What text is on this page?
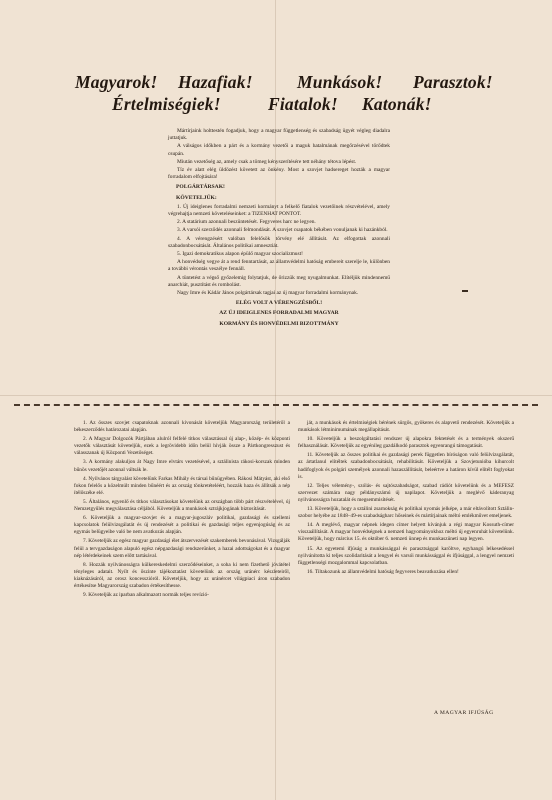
Magyarok! Hazafiak!	Munkások! Parasztok!
Értelmiségiek!	Fiatalok! Katonák!

Mártírjaink holttestén fogadjuk, hogy a magyar függetlenség és szabadság ügyét végleg diadalra juttatjuk.

A válságos időkben a párt és a kormány vezetői a maguk hatalmának megőrzésével törődtek csupán.

Miután vezetőség az, amely csak a tömeg kényszerítésére tett néhány tétova lépést.

Tíz év alatt elég üldözést követett az önkény. Most a szovjet hadsereget hozták a magyar forradalom elfojtására!

POLGÁRTÁRSAK!

KÖVETELJÜK:

1. Új ideiglenes forradalmi nemzeti kormányt a felkelő fiatalok vezetőinek részvételével, amely végrehajtja nemzeti követeléseinket: a TIZENHAT PONTOT.

2. A statárium azonnali beszüntetését. Fegyveres harc ne legyen.

3. A varsói szerződés azonnali felmondását. A szovjet csapatok békében vonuljanak ki hazánkból.

4. A vérengzésért valóban felelősök törvény elé állítását. Az elfogottak azonnali szabadonbocsátását. Általános politikai amnesztiát.

5. Igazi demokratikus alapon épülő magyar szocializmust!

A honvédség vegye át a rend fenntartását, az államvédelmi hatóság embereit szerelje le, különben a további vérontás veszélye fennáll.

A tüntetést a végső győzelemig folytatjuk, de őrizzük meg nyugalmunkat. Elítéljük mindennemű anarchiát, pusztítást és rombolást.

Nagy Imre és Kádár János polgártársak tagjai az új magyar forradalmi kormánynak.

ELÉG VOLT A VÉRENGZÉSBŐL!

AZ ÚJ IDEIGLENES FORRADALMI MAGYAR

KORMÁNY ÉS HONVÉDELMI BIZOTTMÁNY

1. Az összes szovjet csapatoknak azonnali kivonását követeljük Magyarország területéről a békeszerződés határozatai alapján.

2. A Magyar Dolgozók Pártjában alulról felfelé titkos választással új alap-, közép- és központi vezetők választását követeljük, ezek a legrövidebb időn belül hívják össze a Pártkongresszust és válasszanak új Központi Vezetőséget.

3. A kormány alakuljon át Nagy Imre elvtárs vezetésével, a sztálinista rákosi-korszak minden bűnös vezetőjét azonnal váltsák le.

4. Nyilvános tárgyalást követelünk Farkas Mihály és társai bűnügyében. Rákosi Mátyást, aki első fokon felelős a közelmúlt minden bűnéért és az ország tönkretételéért, hozzák haza és állítsák a nép ítélőszéke elé.

5. Általános, egyenlő és titkos választásokat követelünk az országban több párt részvételével, új Nemzetgyűlés megválasztása céljából. Követeljük a munkások sztrájkjogának biztosítását.

6. Követeljük a magyar-szovjet és a magyar-jugoszláv politikai, gazdasági és szellemi kapcsolatok felülvizsgálatát és új rendezését a politikai és gazdasági teljes egyenjogúság és az egymás belügyeibe való be nem avatkozás alapján.

7. Követeljük az egész magyar gazdasági élet átszervezését szakemberek bevonásával. Vizsgálják felül a tervgazdaságon alapuló egész népgazdasági rendszerünket, a hazai adottságokat és a magyar nép létérdekeinek szem előtt tartásával.

8. Hozzák nyilvánosságra külkereskedelmi szerződéseinket, a soha ki nem fizethető jóvátétel tényleges adatait. Nyílt és őszinte tájékoztatást követelünk az ország uránérc készleteiről, kiaknázásáról, az orosz koncesszióról. Követeljük, hogy az uránércet világpiaci áron szabadon értékesítse Magyarország szabadon értékesíthesse.

9. Követeljük az iparban alkalmazott normák teljes revízió-

ját, a munkások és értelmiségiek bérének sürgős, gyökeres és alapvető rendezését. Követeljük a munkások létminimumának megállapítását.

10. Követeljük a beszolgáltatási rendszer új alapokra fektetését és a termények okszerű felhasználását. Követeljük az egyénileg gazdálkodó parasztok egyenrangú támogatását.

11. Követeljük az összes politikai és gazdasági perek független bíróságon való felülvizsgálatát, az ártatlanul elítéltek szabadonbocsátását, rehabilitását. Követeljük a Szovjetunióba kihurcolt hadifoglyok és polgári személyek azonnali hazaszállítását, beleértve a határon kívül elítélt foglyokat is.

12. Teljes vélemény-, szólás- és sajtószabadságot, szabad rádiót követelünk és a MEFESZ szervezet számára nagy példányszámú új napilapot. Követeljük a meglévő káderanyag nyilvánosságra hozatalát és megsemmisítését.

13. Követeljük, hogy a sztálini zsarnokság és politikai nyomás jelképe, a már eltávolított Sztálin-szobor helyébe az 1848–49-es szabadságharc hőseinek és mártírjainak méltó emlékművet emeljenek.

14. A meglévő, magyar népnek idegen címer helyett kívánjuk a régi magyar Kossuth-címer visszaállítását. A magyar honvédségnek a nemzeti hagyományokhoz méltó új egyenruhát követelünk. Követeljük, hogy március 15. és október 6. nemzeti ünnep és munkaszüneti nap legyen.

15. Az egyetemi ifjúság a munkássággal és parasztsággal karöltve, egyhangú lelkesedéssel nyilvánította ki teljes szolidaritását a lengyel és varsói munkássággal és ifjúsággal, a lengyel nemzeti függetlenségi mozgalommal kapcsolatban.

16. Tiltakozunk az államvédelmi hatóság fegyveres beavatkozása ellen!

A MAGYAR IFJÚSÁG
